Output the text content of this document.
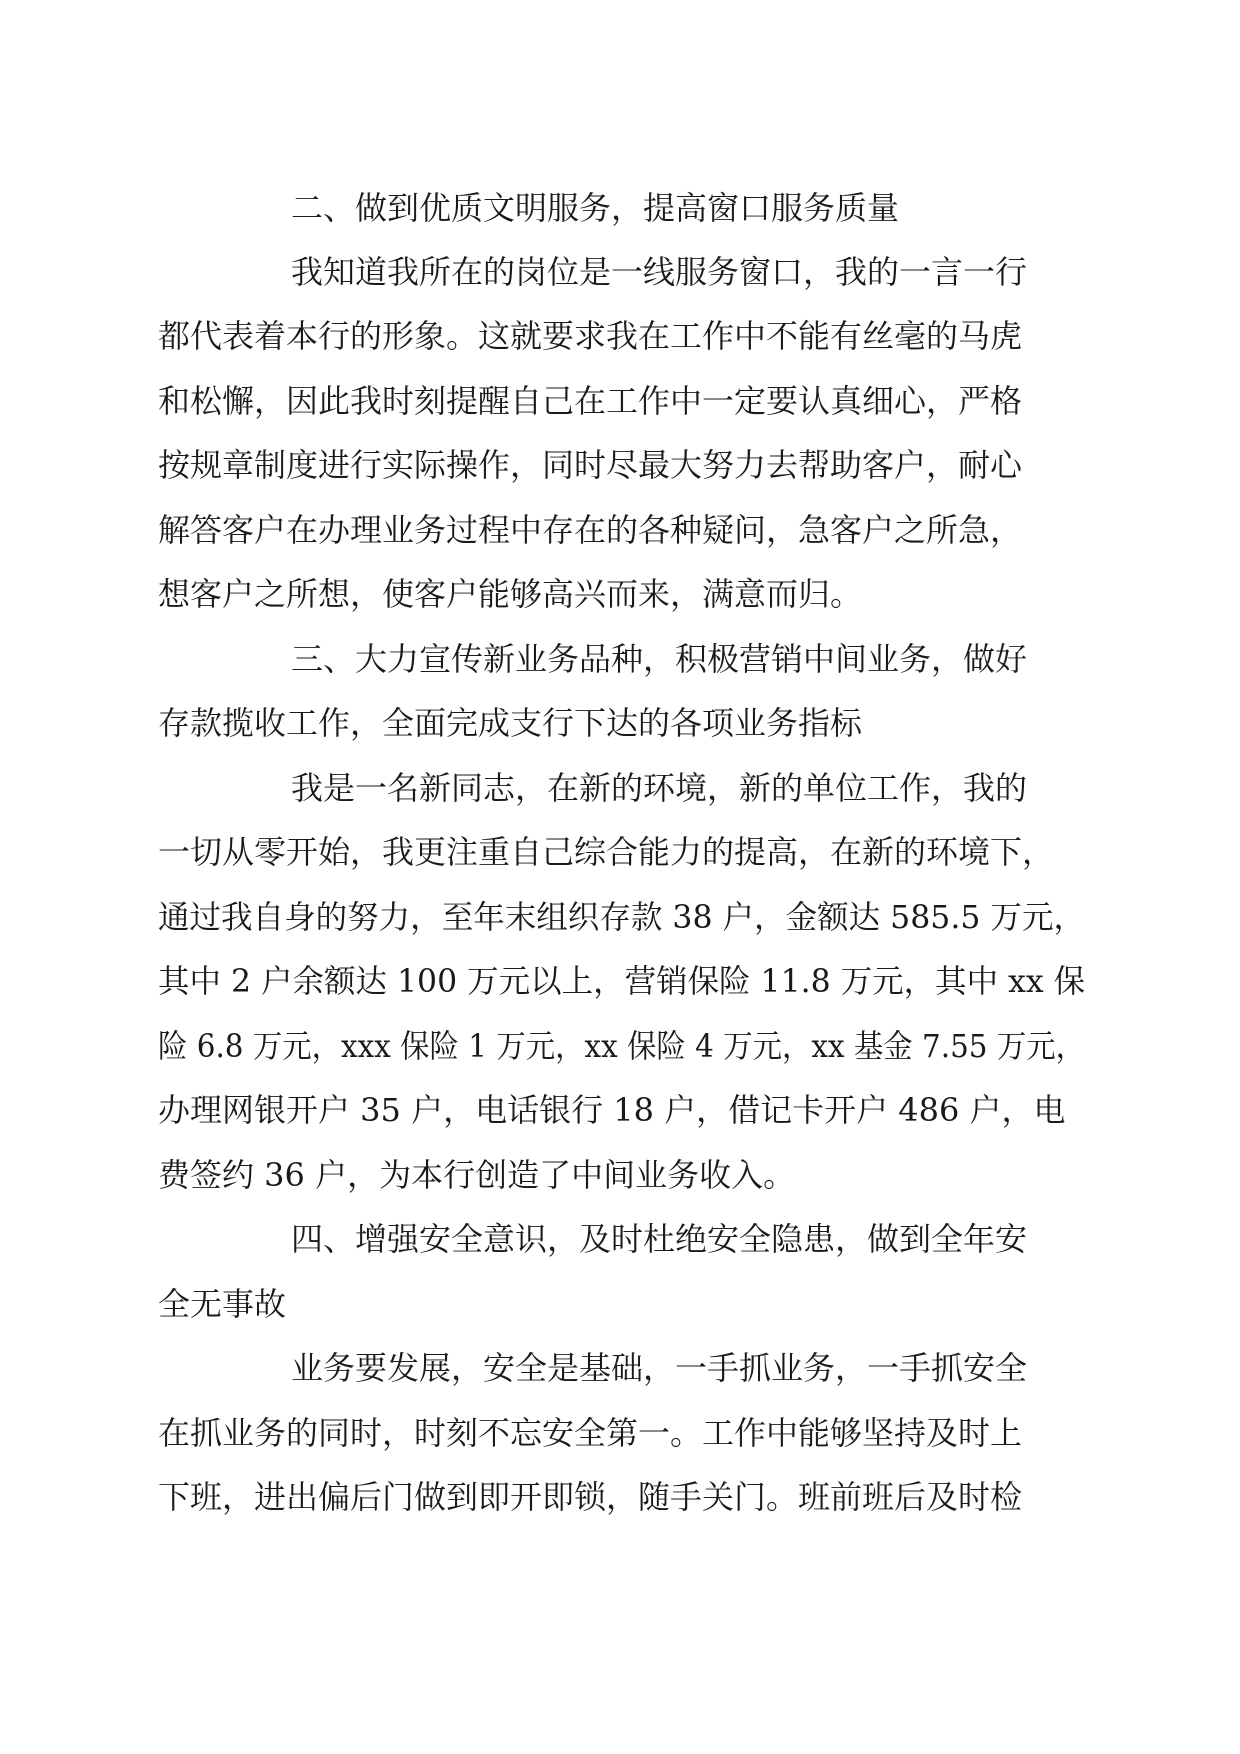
二、做到优质文明服务，提高窗口服务质量
我知道我所在的岗位是一线服务窗口，我的一言一行
都代表着本行的形象。这就要求我在工作中不能有丝毫的马虎
和松懈，因此我时刻提醒自己在工作中一定要认真细心，严格
按规章制度进行实际操作，同时尽最大努力去帮助客户，耐心
解答客户在办理业务过程中存在的各种疑问，急客户之所急，
想客户之所想，使客户能够高兴而来，满意而归。
三、大力宣传新业务品种，积极营销中间业务，做好
存款揽收工作，全面完成支行下达的各项业务指标
我是一名新同志，在新的环境，新的单位工作，我的
一切从零开始，我更注重自己综合能力的提高，在新的环境下，
通过我自身的努力，至年末组织存款 38 户，金额达 585.5 万元，
其中 2 户余额达 100 万元以上，营销保险 11.8 万元，其中 xx 保
险 6.8 万元，xxx 保险 1 万元，xx 保险 4 万元，xx 基金 7.55 万元，
办理网银开户 35 户，电话银行 18 户，借记卡开户 486 户，电
费签约 36 户，为本行创造了中间业务收入。
四、增强安全意识，及时杜绝安全隐患，做到全年安
全无事故
业务要发展，安全是基础，一手抓业务，一手抓安全
在抓业务的同时，时刻不忘安全第一。工作中能够坚持及时上
下班，进出偏后门做到即开即锁，随手关门。班前班后及时检
